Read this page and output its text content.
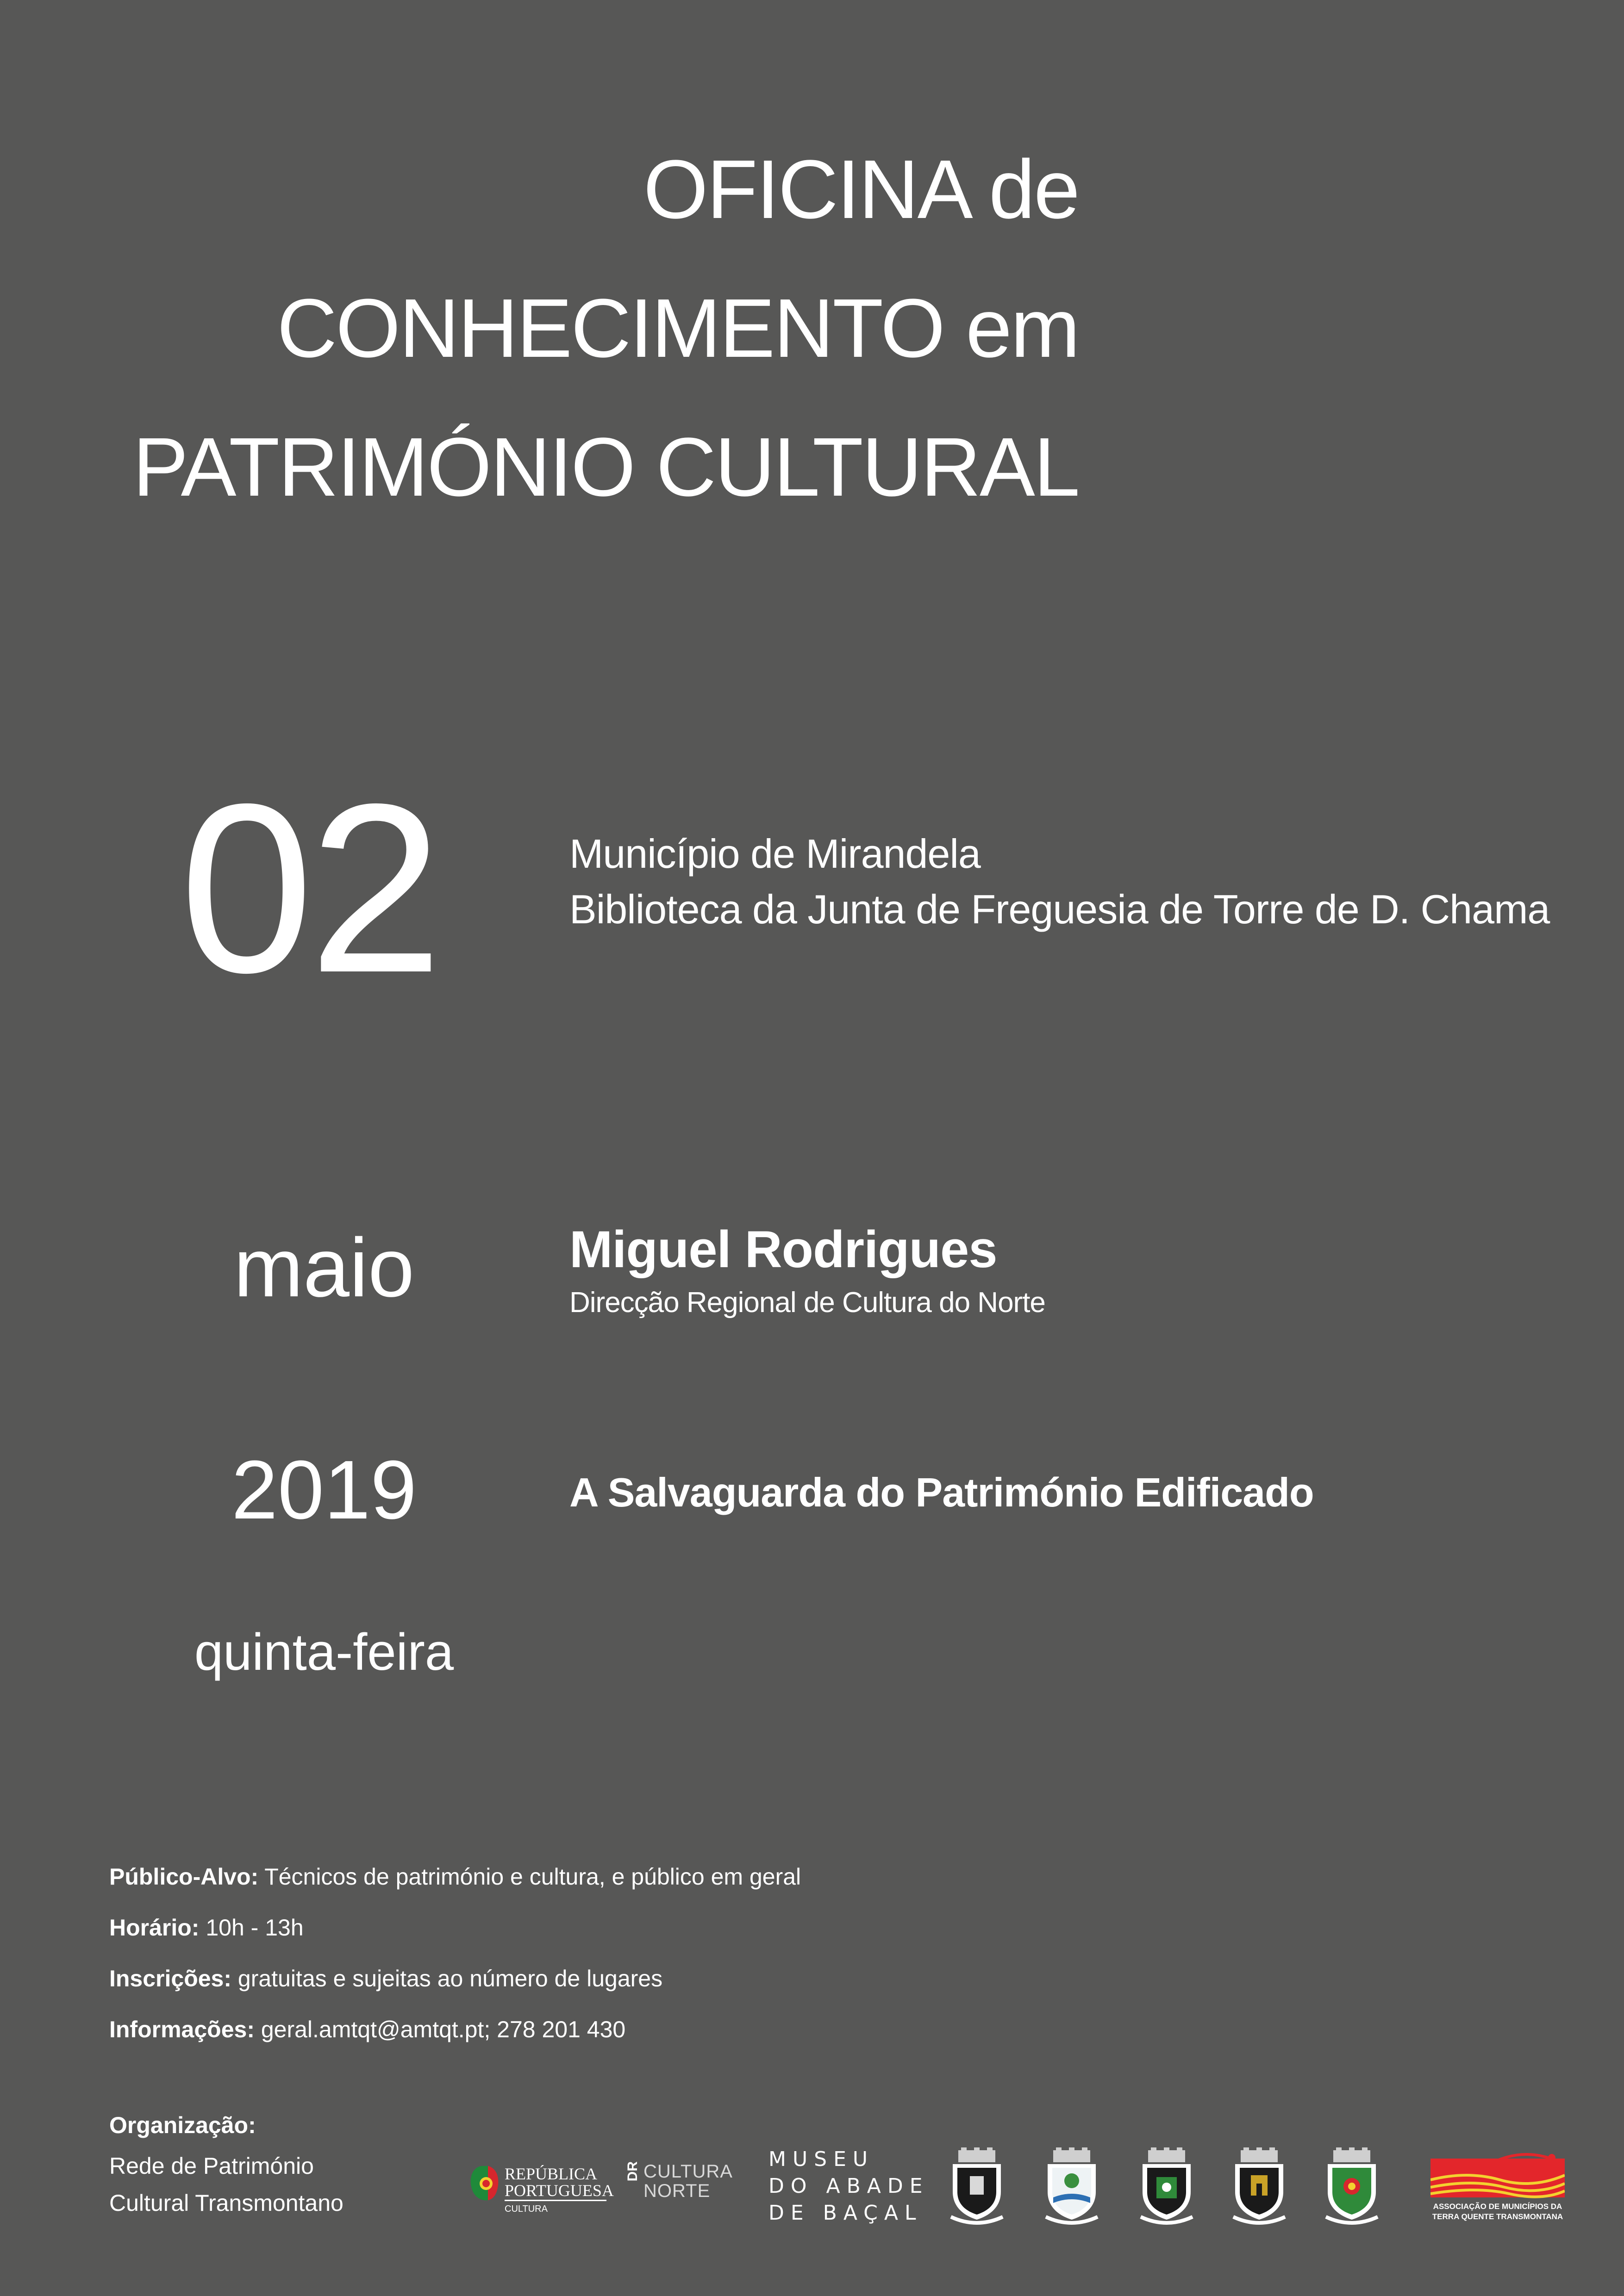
OFICINA de
CONHECIMENTO em
PATRIMÓNIO CULTURAL
02
maio
2019
quinta-feira
Município de Mirandela
Biblioteca da Junta de Freguesia de Torre de D. Chama
Miguel Rodrigues
Direcção Regional de Cultura do Norte
A Salvaguarda do Património Edificado
Público-Alvo: Técnicos de património e cultura, e público em geral
Horário: 10h - 13h
Inscrições: gratuitas e sujeitas ao número de lugares
Informações: geral.amtqt@amtqt.pt; 278 201 430
Organização:
Rede de Património
Cultural Transmontano
REPÚBLICA
PORTUGUESA
CULTURA
DR CULTURA
NORTE
MUSEU
DO ABADE
DE BAÇAL	ASSOCIAÇÃO DE MUNICÍPIOS DA
TERRA QUENTE TRANSMONTANA
